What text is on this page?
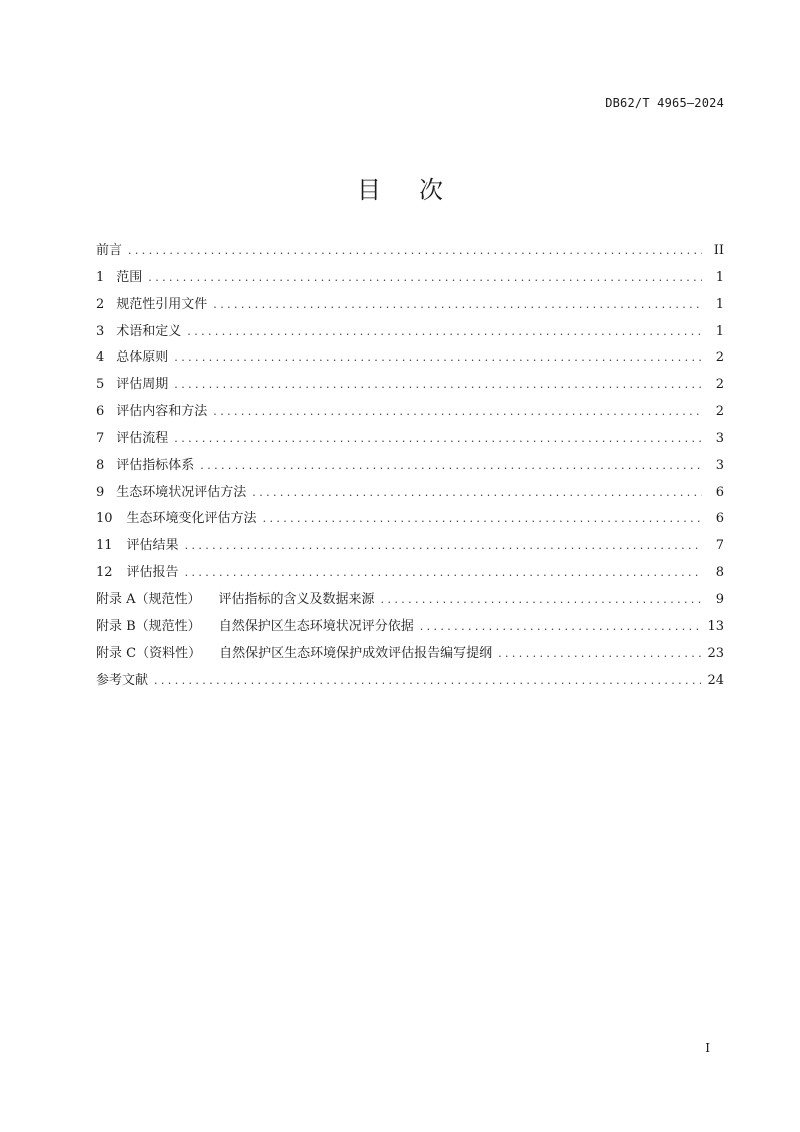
DB62/T 4965—2024
目次
前言 .....	II
1 范围 .....	1
2 规范性引用文件 .....	1
3 术语和定义 .....	1
4 总体原则 .....	2
5 评估周期 .....	2
6 评估内容和方法 .....	2
7 评估流程 .....	3
8 评估指标体系 .....	3
9 生态环境状况评估方法 .....	6
10 生态环境变化评估方法 .....	6
11 评估结果 .....	7
12 评估报告 .....	8
附录 A（规范性） 评估指标的含义及数据来源 .....	9
附录 B（规范性） 自然保护区生态环境状况评分依据 .....	13
附录 C（资料性） 自然保护区生态环境保护成效评估报告编写提纲 .....	23
参考文献 .....	24
I
